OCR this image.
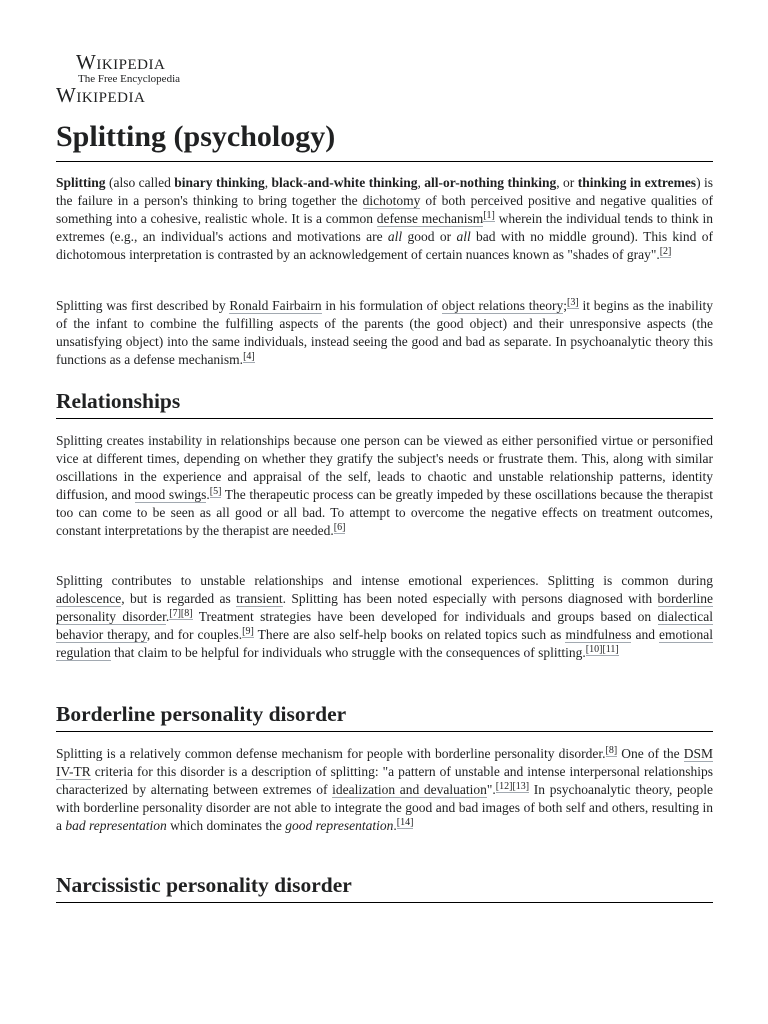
Wikipedia
The Free Encyclopedia
Wikipedia
Splitting (psychology)

Splitting (also called binary thinking, black-and-white thinking, all-or-nothing thinking, or thinking in extremes) is the failure in a person's thinking to bring together the dichotomy of both perceived positive and negative qualities of something into a cohesive, realistic whole. It is a common defense mechanism[1] wherein the individual tends to think in extremes (e.g., an individual's actions and motivations are all good or all bad with no middle ground). This kind of dichotomous interpretation is contrasted by an acknowledgement of certain nuances known as "shades of gray".[2]

Splitting was first described by Ronald Fairbairn in his formulation of object relations theory;[3] it begins as the inability of the infant to combine the fulfilling aspects of the parents (the good object) and their unresponsive aspects (the unsatisfying object) into the same individuals, instead seeing the good and bad as separate. In psychoanalytic theory this functions as a defense mechanism.[4]

Relationships

Splitting creates instability in relationships because one person can be viewed as either personified virtue or personified vice at different times, depending on whether they gratify the subject's needs or frustrate them. This, along with similar oscillations in the experience and appraisal of the self, leads to chaotic and unstable relationship patterns, identity diffusion, and mood swings.[5] The therapeutic process can be greatly impeded by these oscillations because the therapist too can come to be seen as all good or all bad. To attempt to overcome the negative effects on treatment outcomes, constant interpretations by the therapist are needed.[6]

Splitting contributes to unstable relationships and intense emotional experiences. Splitting is common during adolescence, but is regarded as transient. Splitting has been noted especially with persons diagnosed with borderline personality disorder.[7][8] Treatment strategies have been developed for individuals and groups based on dialectical behavior therapy, and for couples.[9] There are also self-help books on related topics such as mindfulness and emotional regulation that claim to be helpful for individuals who struggle with the consequences of splitting.[10][11]

Borderline personality disorder

Splitting is a relatively common defense mechanism for people with borderline personality disorder.[8] One of the DSM IV-TR criteria for this disorder is a description of splitting: "a pattern of unstable and intense interpersonal relationships characterized by alternating between extremes of idealization and devaluation".[12][13] In psychoanalytic theory, people with borderline personality disorder are not able to integrate the good and bad images of both self and others, resulting in a bad representation which dominates the good representation.[14]

Narcissistic personality disorder
